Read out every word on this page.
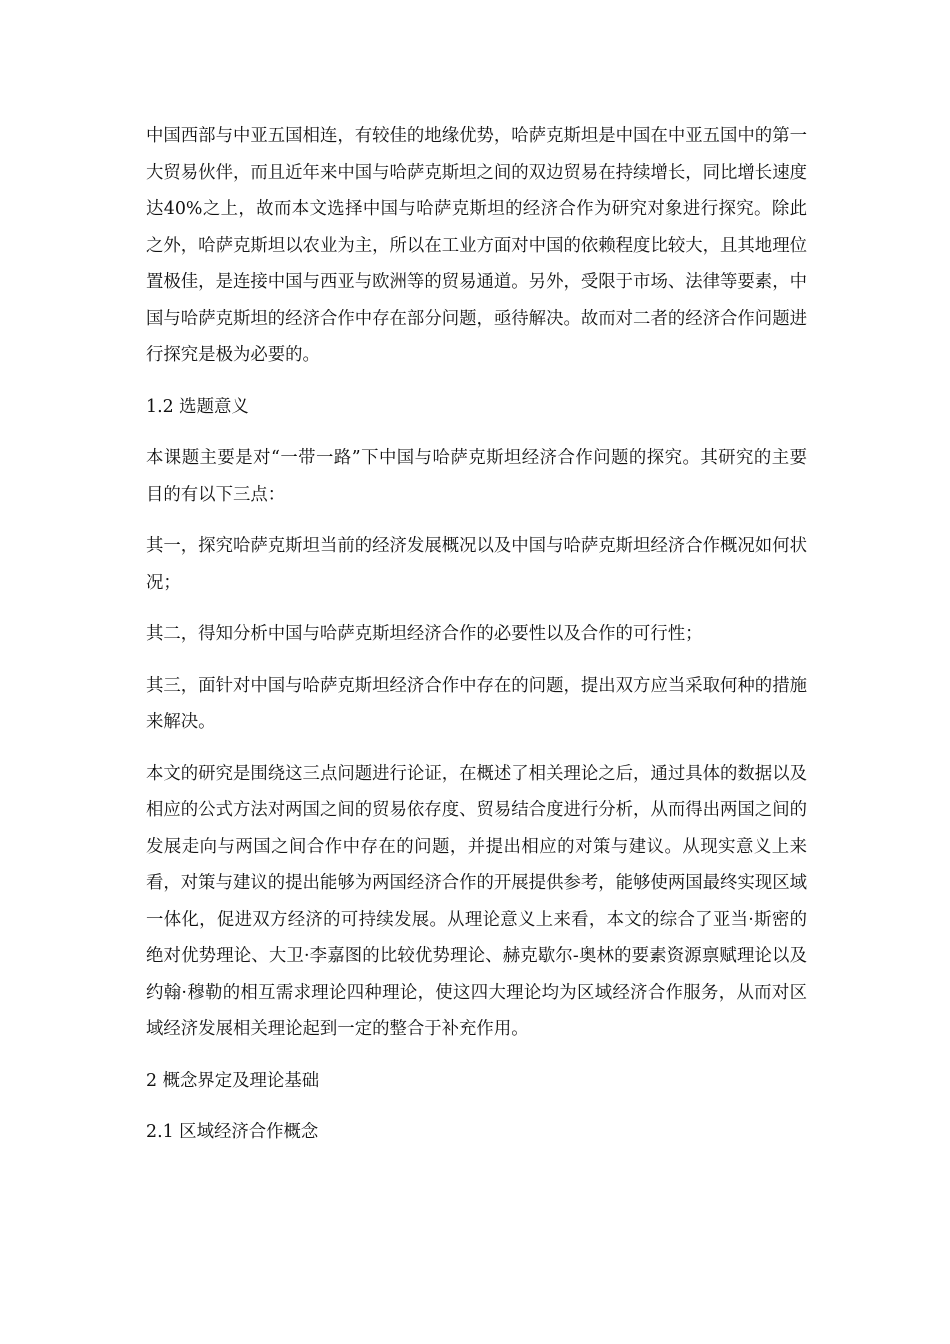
中国西部与中亚五国相连，有较佳的地缘优势，哈萨克斯坦是中国在中亚五国中的第一大贸易伙伴，而且近年来中国与哈萨克斯坦之间的双边贸易在持续增长，同比增长速度达40%之上，故而本文选择中国与哈萨克斯坦的经济合作为研究对象进行探究。除此之外，哈萨克斯坦以农业为主，所以在工业方面对中国的依赖程度比较大，且其地理位置极佳，是连接中国与西亚与欧洲等的贸易通道。另外，受限于市场、法律等要素，中国与哈萨克斯坦的经济合作中存在部分问题，亟待解决。故而对二者的经济合作问题进行探究是极为必要的。

1.2 选题意义

本课题主要是对“一带一路”下中国与哈萨克斯坦经济合作问题的探究。其研究的主要目的有以下三点：

其一，探究哈萨克斯坦当前的经济发展概况以及中国与哈萨克斯坦经济合作概况如何状况；

其二，得知分析中国与哈萨克斯坦经济合作的必要性以及合作的可行性；

其三，面针对中国与哈萨克斯坦经济合作中存在的问题，提出双方应当采取何种的措施来解决。

本文的研究是围绕这三点问题进行论证，在概述了相关理论之后，通过具体的数据以及相应的公式方法对两国之间的贸易依存度、贸易结合度进行分析，从而得出两国之间的发展走向与两国之间合作中存在的问题，并提出相应的对策与建议。从现实意义上来看，对策与建议的提出能够为两国经济合作的开展提供参考，能够使两国最终实现区域一体化，促进双方经济的可持续发展。从理论意义上来看，本文的综合了亚当·斯密的绝对优势理论、大卫·李嘉图的比较优势理论、赫克歇尔-奥林的要素资源禀赋理论以及约翰·穆勒的相互需求理论四种理论，使这四大理论均为区域经济合作服务，从而对区域经济发展相关理论起到一定的整合于补充作用。

2 概念界定及理论基础

2.1 区域经济合作概念
